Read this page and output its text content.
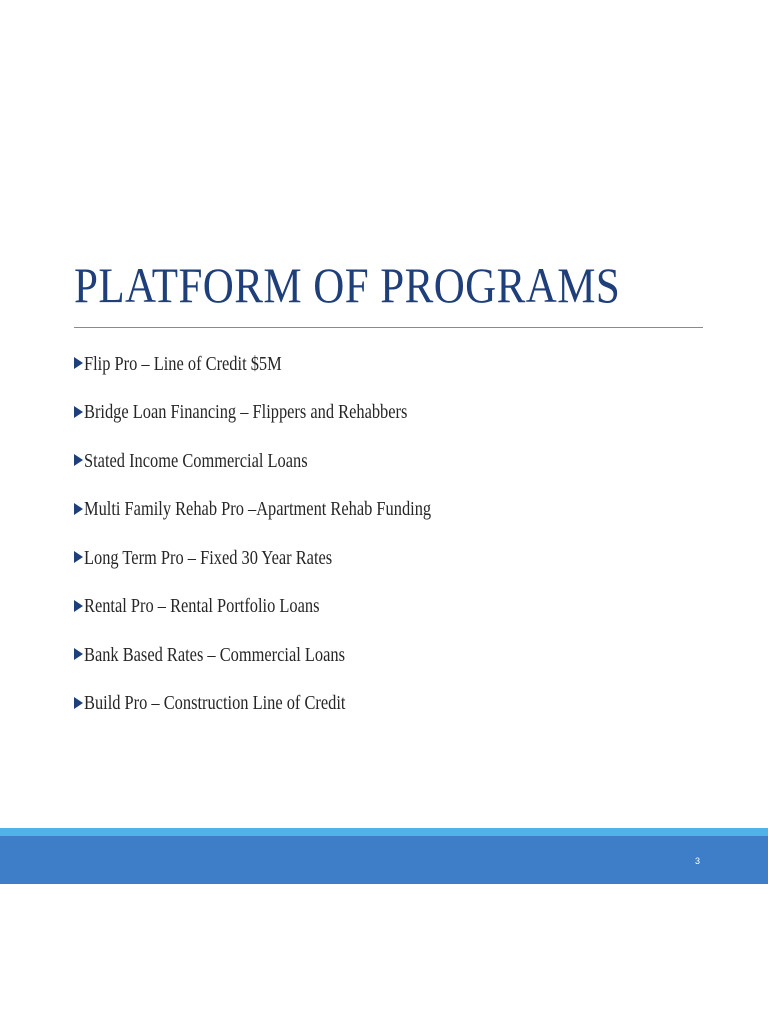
PLATFORM OF PROGRAMS
Flip Pro – Line of Credit $5M
Bridge Loan Financing – Flippers and Rehabbers
Stated Income Commercial Loans
Multi Family Rehab Pro –Apartment Rehab Funding
Long Term Pro – Fixed 30 Year Rates
Rental Pro – Rental Portfolio Loans
Bank Based Rates – Commercial Loans
Build Pro – Construction Line of Credit
3
